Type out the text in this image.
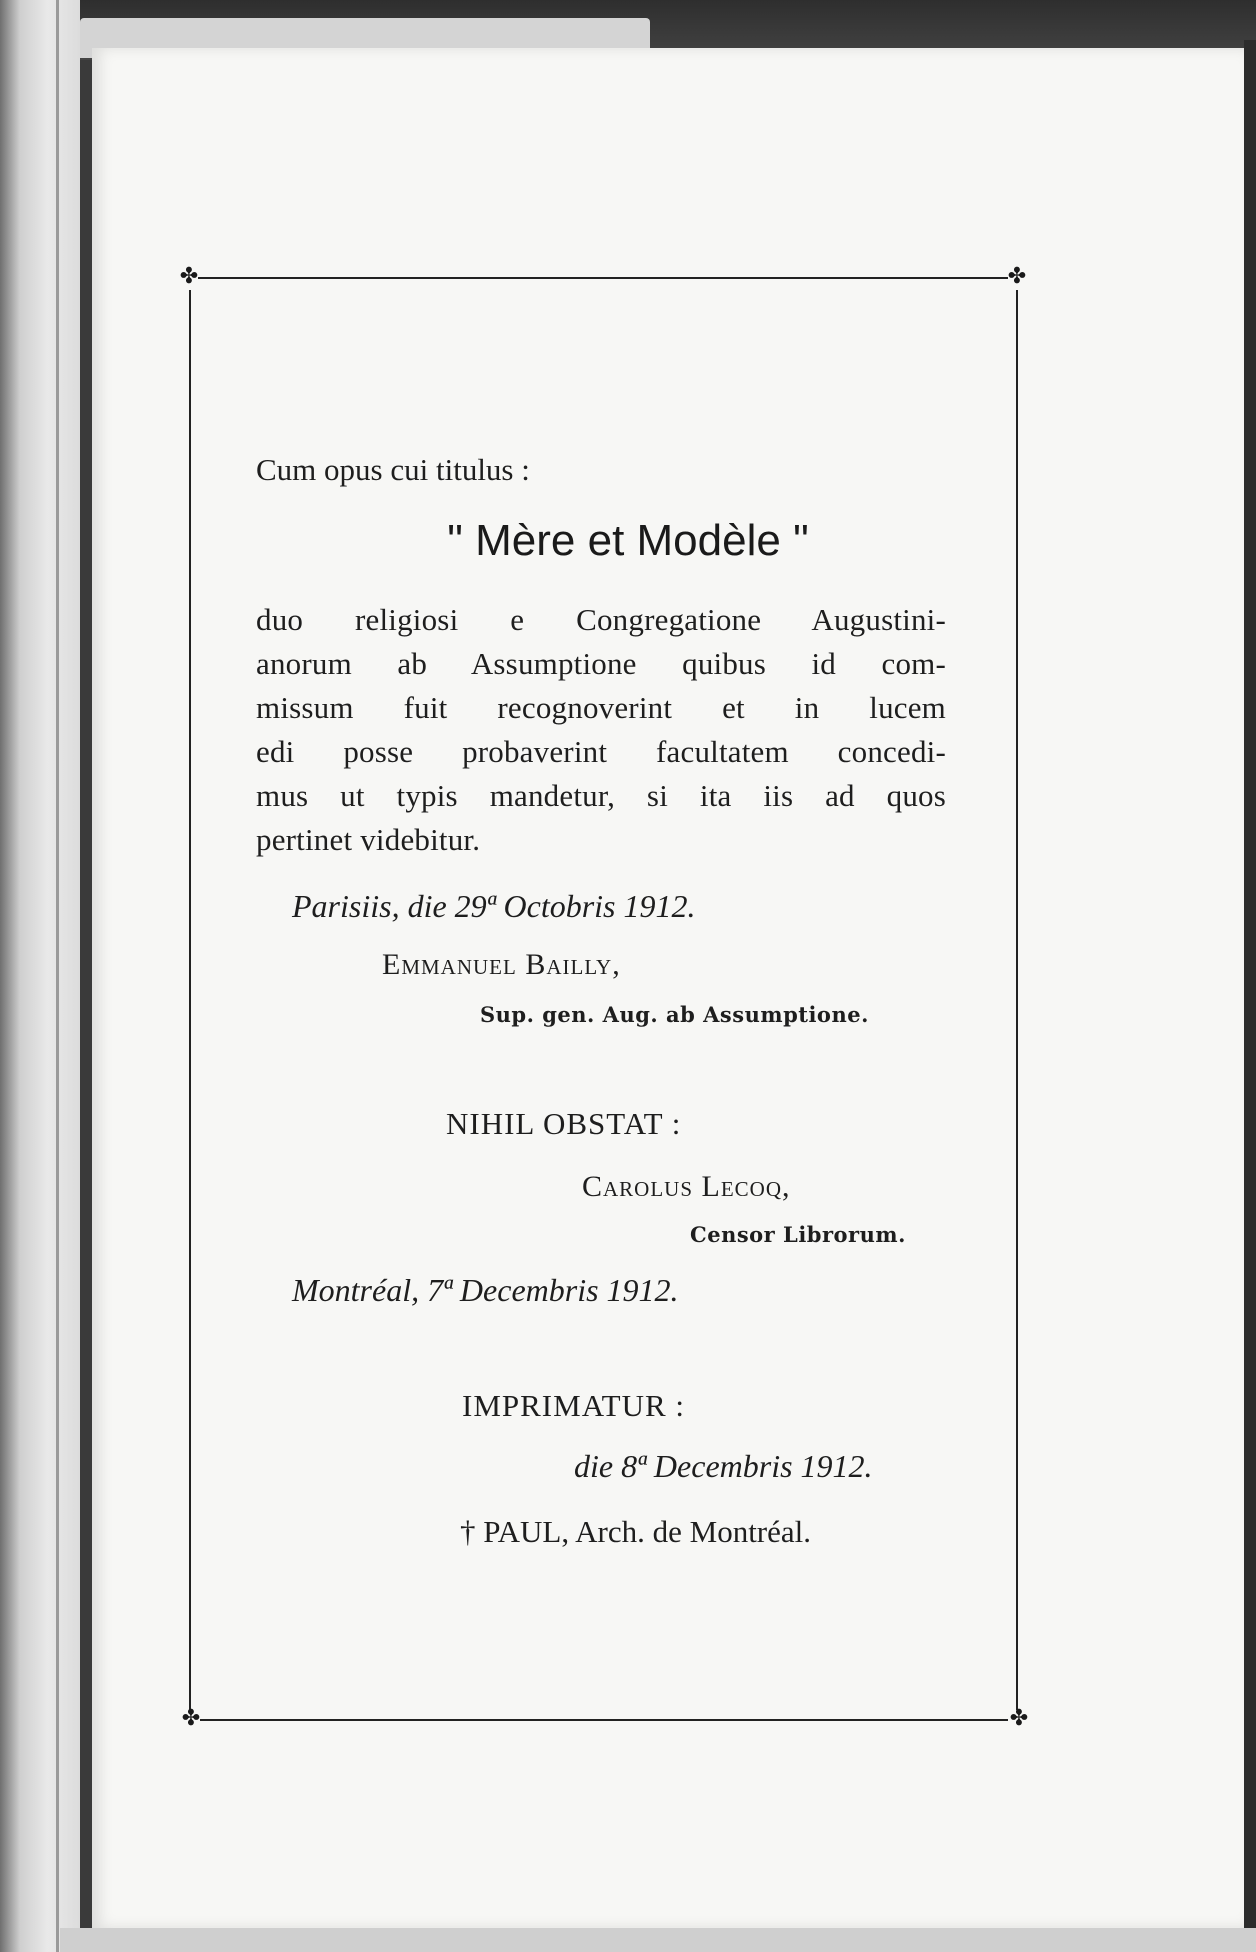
✤	✤
✤	✤
Cum opus cui titulus :
" Mère et Modèle "
duo religiosi e Congregatione Augustini-
anorum ab Assumptione quibus id com-
missum fuit recognoverint et in lucem
edi posse probaverint facultatem concedi-
mus ut typis mandetur, si ita iis ad quos
pertinet videbitur.
Parisiis, die 29ª Octobris 1912.
Emmanuel Bailly,
Sup. gen. Aug. ab Assumptione.
NIHIL OBSTAT :
Carolus Lecoq,
Censor Librorum.
Montréal, 7ª Decembris 1912.
IMPRIMATUR :
die 8ª Decembris 1912.
† PAUL, Arch. de Montréal.
